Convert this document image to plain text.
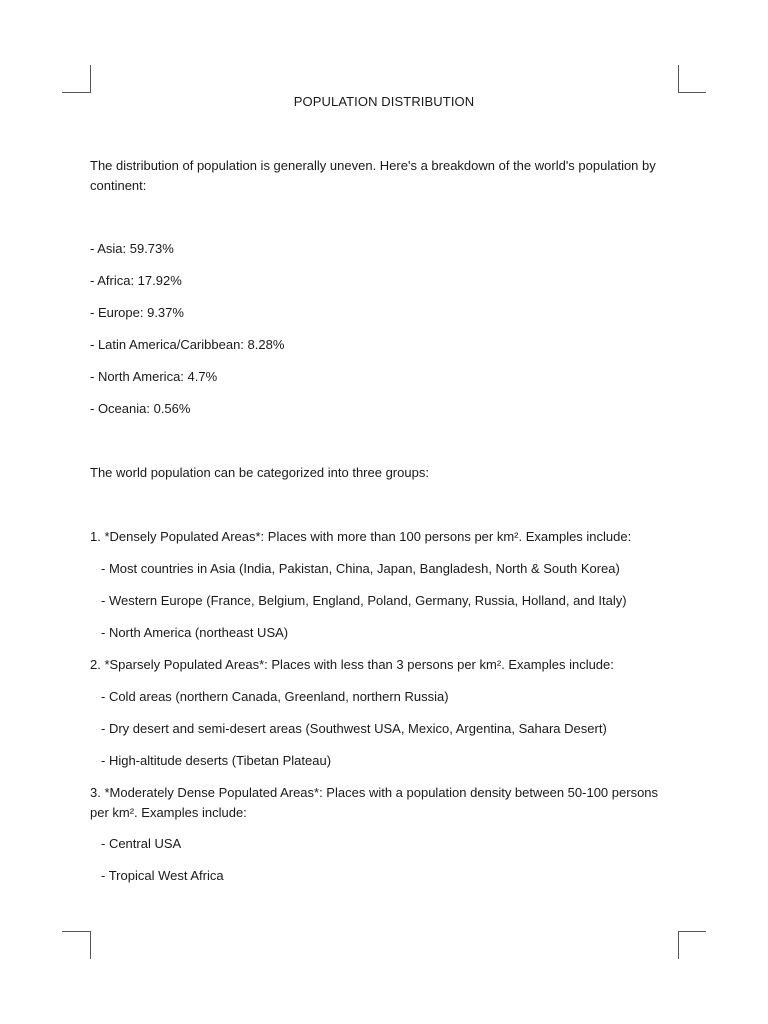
POPULATION DISTRIBUTION
The distribution of population is generally uneven. Here's a breakdown of the world's population by continent:
- Asia: 59.73%
- Africa: 17.92%
- Europe: 9.37%
- Latin America/Caribbean: 8.28%
- North America: 4.7%
- Oceania: 0.56%
The world population can be categorized into three groups:
1. *Densely Populated Areas*: Places with more than 100 persons per km². Examples include:
- Most countries in Asia (India, Pakistan, China, Japan, Bangladesh, North & South Korea)
- Western Europe (France, Belgium, England, Poland, Germany, Russia, Holland, and Italy)
- North America (northeast USA)
2. *Sparsely Populated Areas*: Places with less than 3 persons per km². Examples include:
- Cold areas (northern Canada, Greenland, northern Russia)
- Dry desert and semi-desert areas (Southwest USA, Mexico, Argentina, Sahara Desert)
- High-altitude deserts (Tibetan Plateau)
3. *Moderately Dense Populated Areas*: Places with a population density between 50-100 persons per km². Examples include:
- Central USA
- Tropical West Africa
